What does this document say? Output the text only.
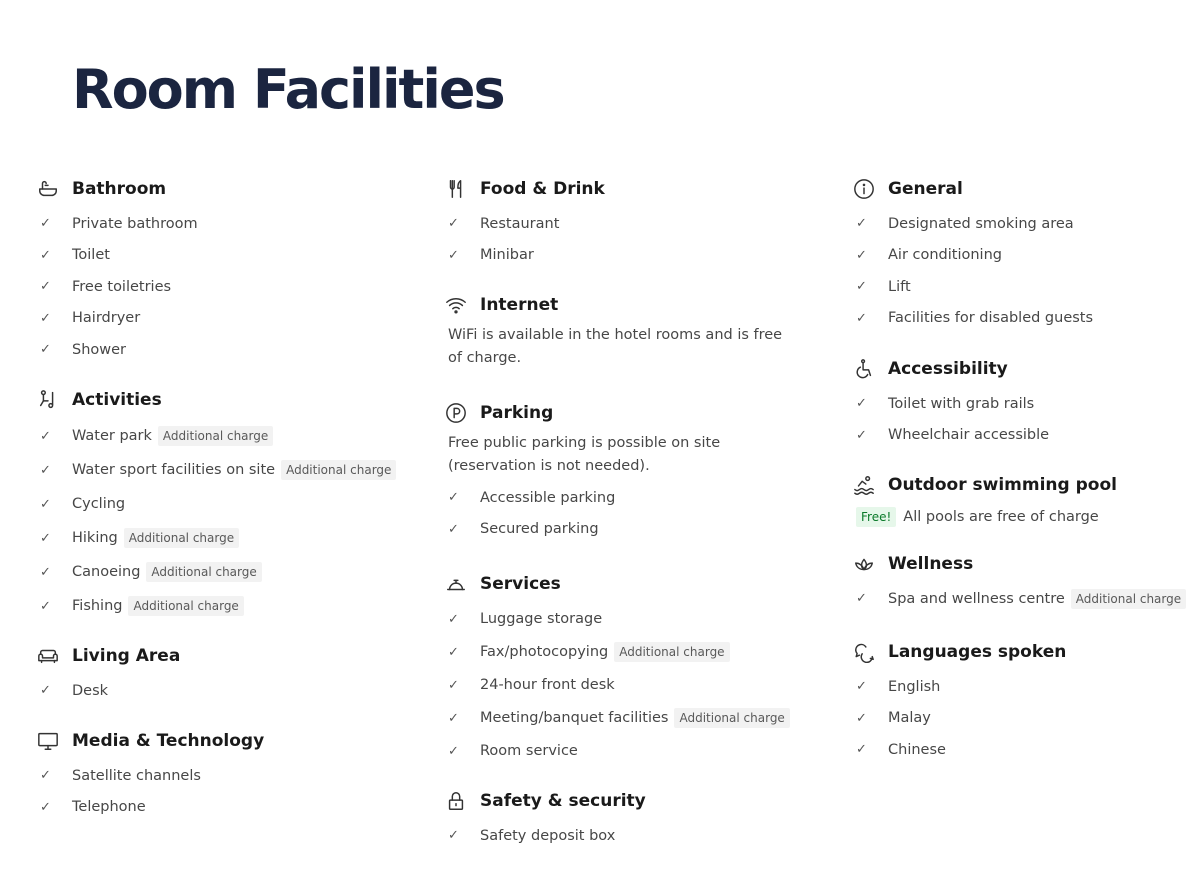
Room Facilities
Bathroom
✓	Private bathroom
✓	Toilet
✓	Free toiletries
✓	Hairdryer
✓	Shower
Activities
✓	Water park Additional charge
✓	Water sport facilities on site Additional charge
✓	Cycling
✓	Hiking Additional charge
✓	Canoeing Additional charge
✓	Fishing Additional charge
Living Area
✓	Desk
Media & Technology
✓	Satellite channels
✓	Telephone
Food & Drink
✓	Restaurant
✓	Minibar
Internet

WiFi is available in the hotel rooms and is free of charge.

Parking

Free public parking is possible on site (reservation is not needed).

✓	Accessible parking
✓	Secured parking
Services
✓	Luggage storage
✓	Fax/photocopying Additional charge
✓	24-hour front desk
✓	Meeting/banquet facilities Additional charge
✓	Room service
Safety & security
✓	Safety deposit box
General
✓	Designated smoking area
✓	Air conditioning
✓	Lift
✓	Facilities for disabled guests
Accessibility
✓	Toilet with grab rails
✓	Wheelchair accessible
Outdoor swimming pool
Free! All pools are free of charge
Wellness
✓	Spa and wellness centre Additional charge
Languages spoken
✓	English
✓	Malay
✓	Chinese
